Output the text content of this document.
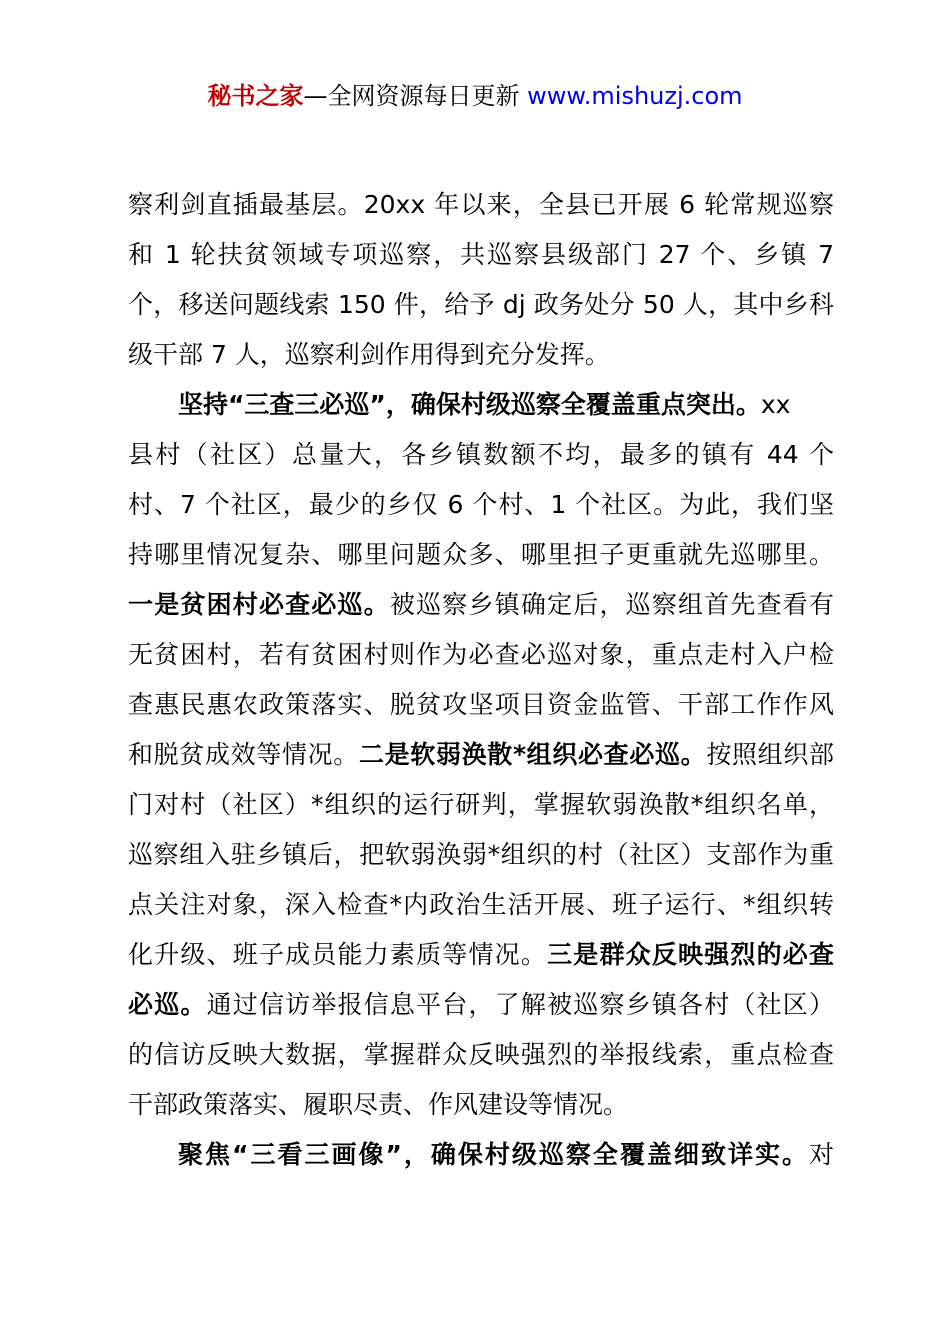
秘书之家—全网资源每日更新 www.mishuzj.com
察利剑直插最基层。20xx 年以来，全县已开展 6 轮常规巡察
和 1 轮扶贫领域专项巡察，共巡察县级部门 27 个、乡镇 7
个，移送问题线索 150 件，给予 dj 政务处分 50 人，其中乡科
级干部 7 人，巡察利剑作用得到充分发挥。
坚持“三查三必巡”，确保村级巡察全覆盖重点突出。xx
县村（社区）总量大，各乡镇数额不均，最多的镇有 44 个
村、7 个社区，最少的乡仅 6 个村、1 个社区。为此，我们坚
持哪里情况复杂、哪里问题众多、哪里担子更重就先巡哪里。
一是贫困村必查必巡。被巡察乡镇确定后，巡察组首先查看有
无贫困村，若有贫困村则作为必查必巡对象，重点走村入户检
查惠民惠农政策落实、脱贫攻坚项目资金监管、干部工作作风
和脱贫成效等情况。二是软弱涣散*组织必查必巡。按照组织部
门对村（社区）*组织的运行研判，掌握软弱涣散*组织名单，
巡察组入驻乡镇后，把软弱涣弱*组织的村（社区）支部作为重
点关注对象，深入检查*内政治生活开展、班子运行、*组织转
化升级、班子成员能力素质等情况。三是群众反映强烈的必查
必巡。通过信访举报信息平台，了解被巡察乡镇各村（社区）
的信访反映大数据，掌握群众反映强烈的举报线索，重点检查
干部政策落实、履职尽责、作风建设等情况。
聚焦“三看三画像”，确保村级巡察全覆盖细致详实。对
